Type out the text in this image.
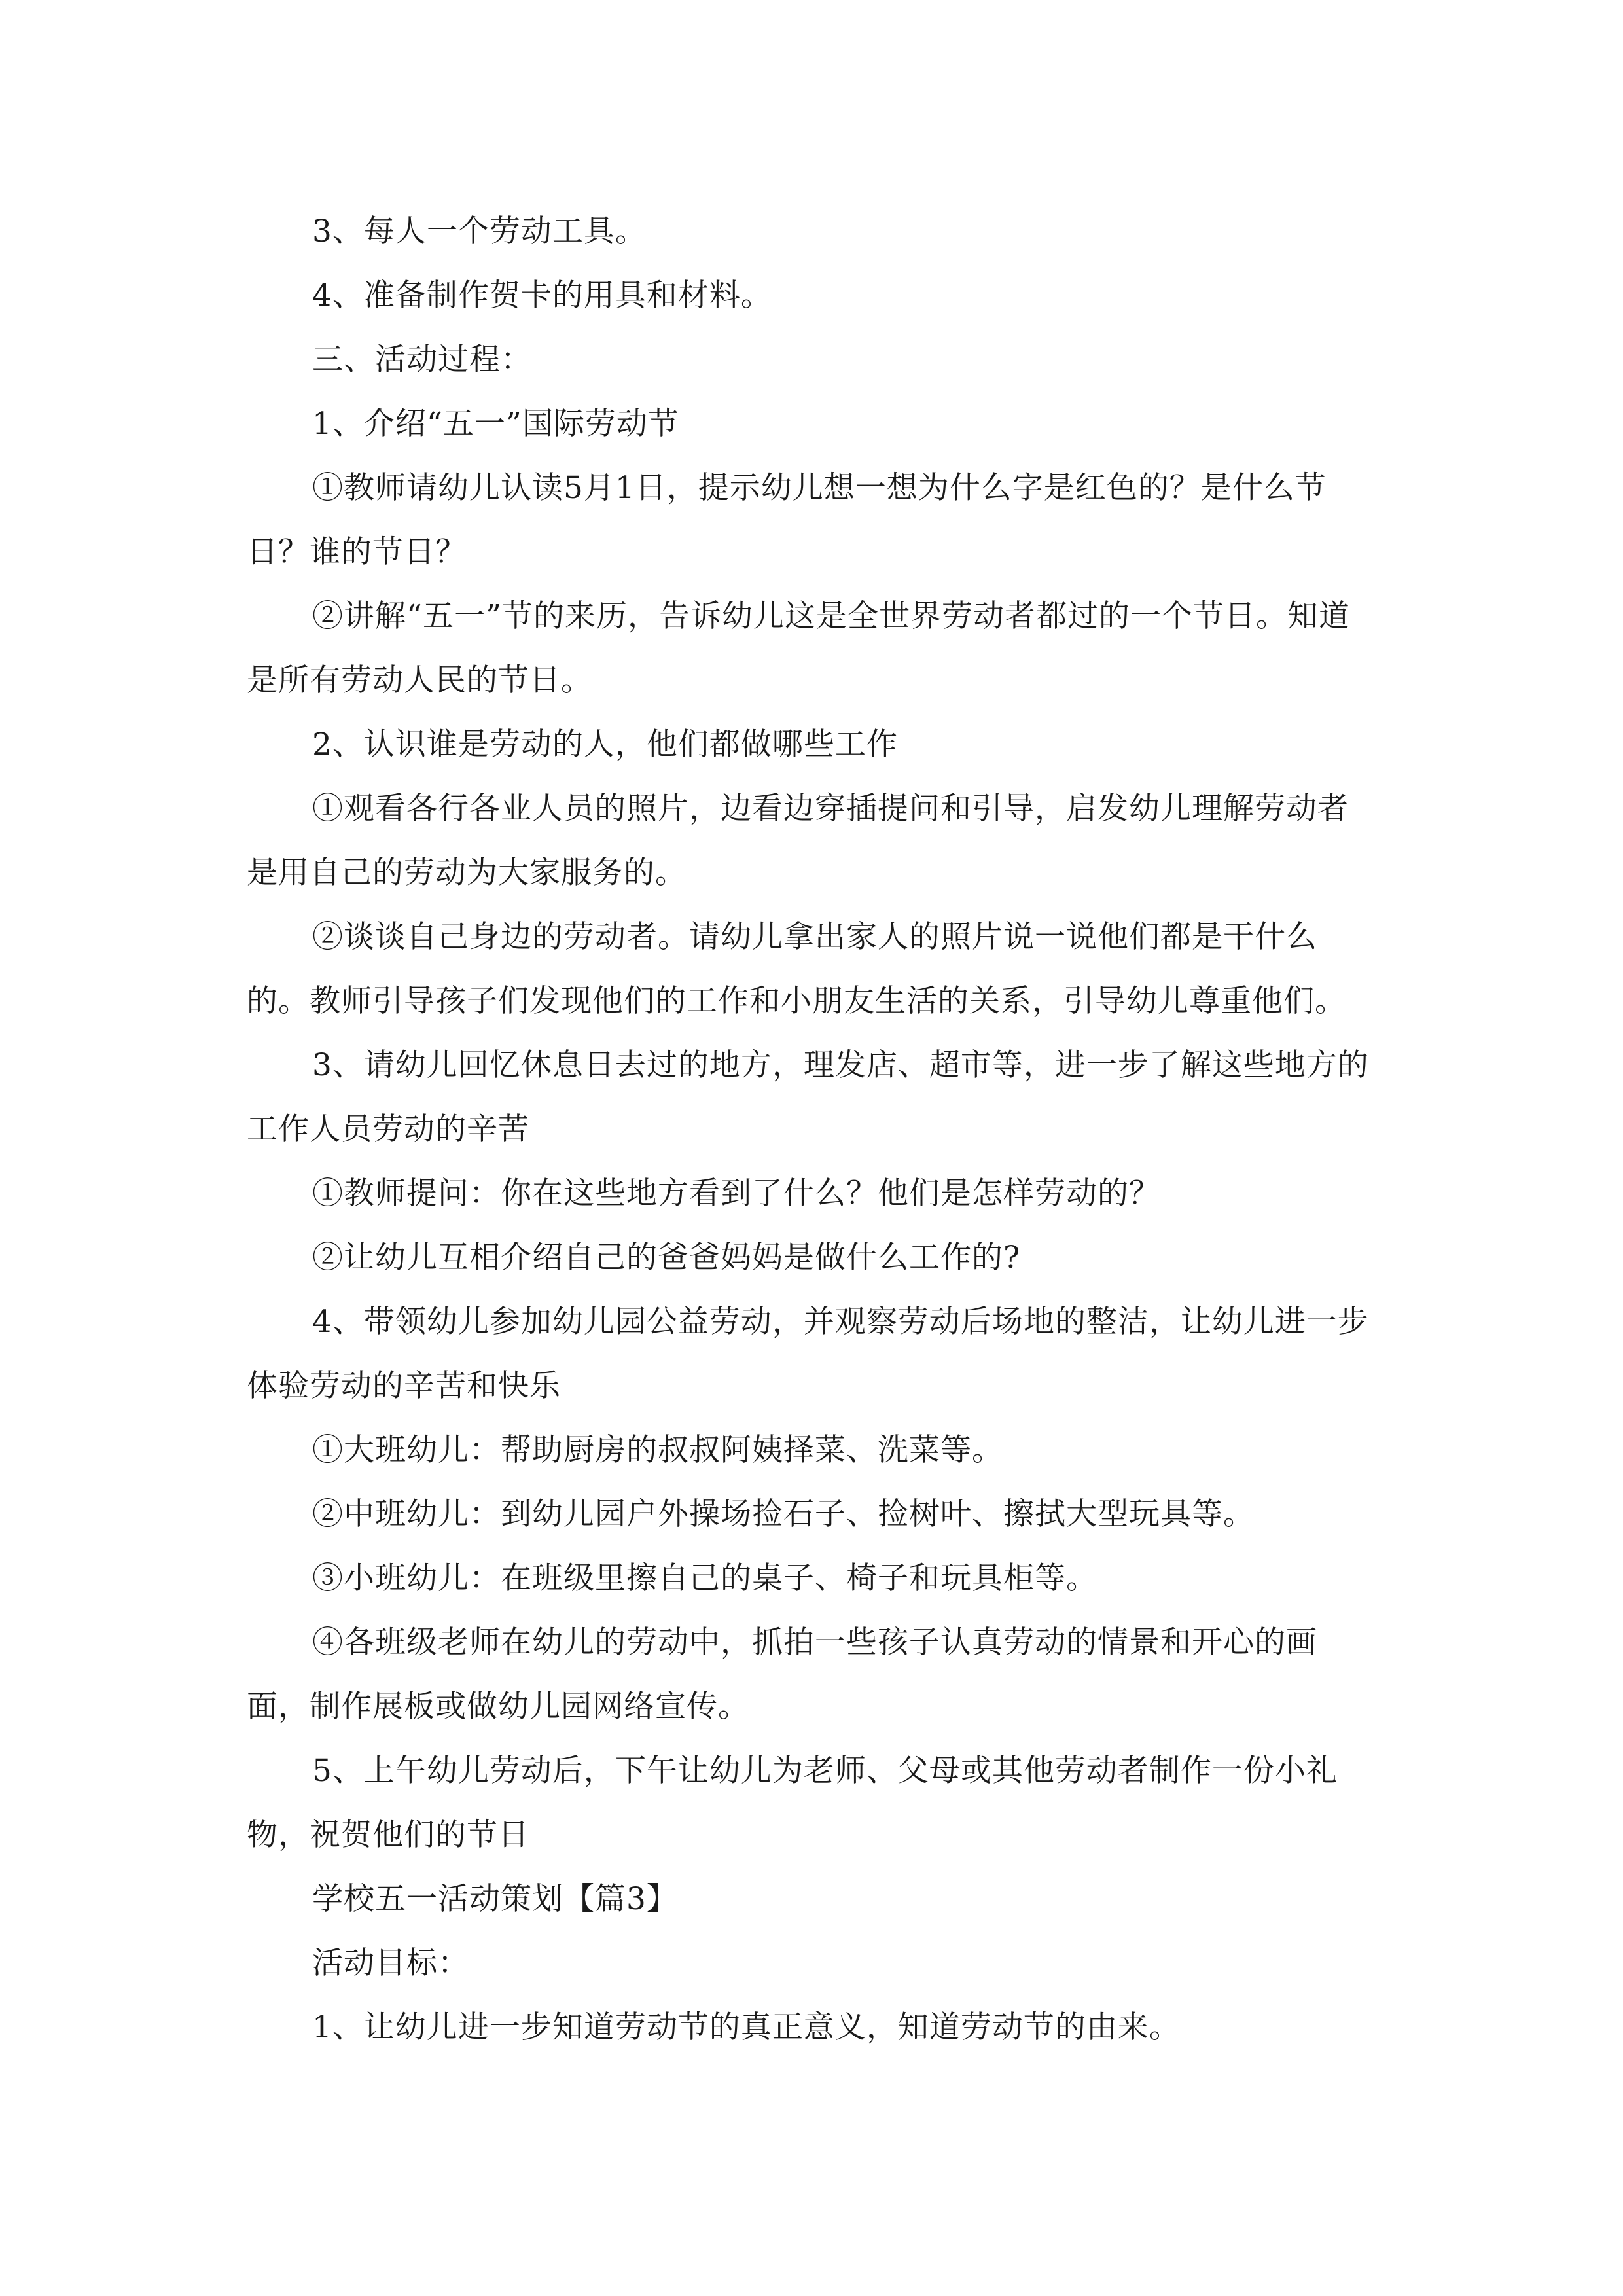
3、每人一个劳动工具。

4、准备制作贺卡的用具和材料。

三、活动过程：

1、介绍“五一”国际劳动节

①教师请幼儿认读5月1日，提示幼儿想一想为什么字是红色的？是什么节日？谁的节日？

②讲解“五一”节的来历，告诉幼儿这是全世界劳动者都过的一个节日。知道是所有劳动人民的节日。

2、认识谁是劳动的人，他们都做哪些工作

①观看各行各业人员的照片，边看边穿插提问和引导，启发幼儿理解劳动者是用自己的劳动为大家服务的。

②谈谈自己身边的劳动者。请幼儿拿出家人的照片说一说他们都是干什么的。教师引导孩子们发现他们的工作和小朋友生活的关系，引导幼儿尊重他们。

3、请幼儿回忆休息日去过的地方，理发店、超市等，进一步了解这些地方的工作人员劳动的辛苦

①教师提问：你在这些地方看到了什么？他们是怎样劳动的？

②让幼儿互相介绍自己的爸爸妈妈是做什么工作的?

4、带领幼儿参加幼儿园公益劳动，并观察劳动后场地的整洁，让幼儿进一步体验劳动的辛苦和快乐

①大班幼儿：帮助厨房的叔叔阿姨择菜、洗菜等。

②中班幼儿：到幼儿园户外操场捡石子、捡树叶、擦拭大型玩具等。

③小班幼儿：在班级里擦自己的桌子、椅子和玩具柜等。

④各班级老师在幼儿的劳动中，抓拍一些孩子认真劳动的情景和开心的画面，制作展板或做幼儿园网络宣传。

5、上午幼儿劳动后，下午让幼儿为老师、父母或其他劳动者制作一份小礼物，祝贺他们的节日

学校五一活动策划【篇3】

活动目标：

1、让幼儿进一步知道劳动节的真正意义，知道劳动节的由来。
